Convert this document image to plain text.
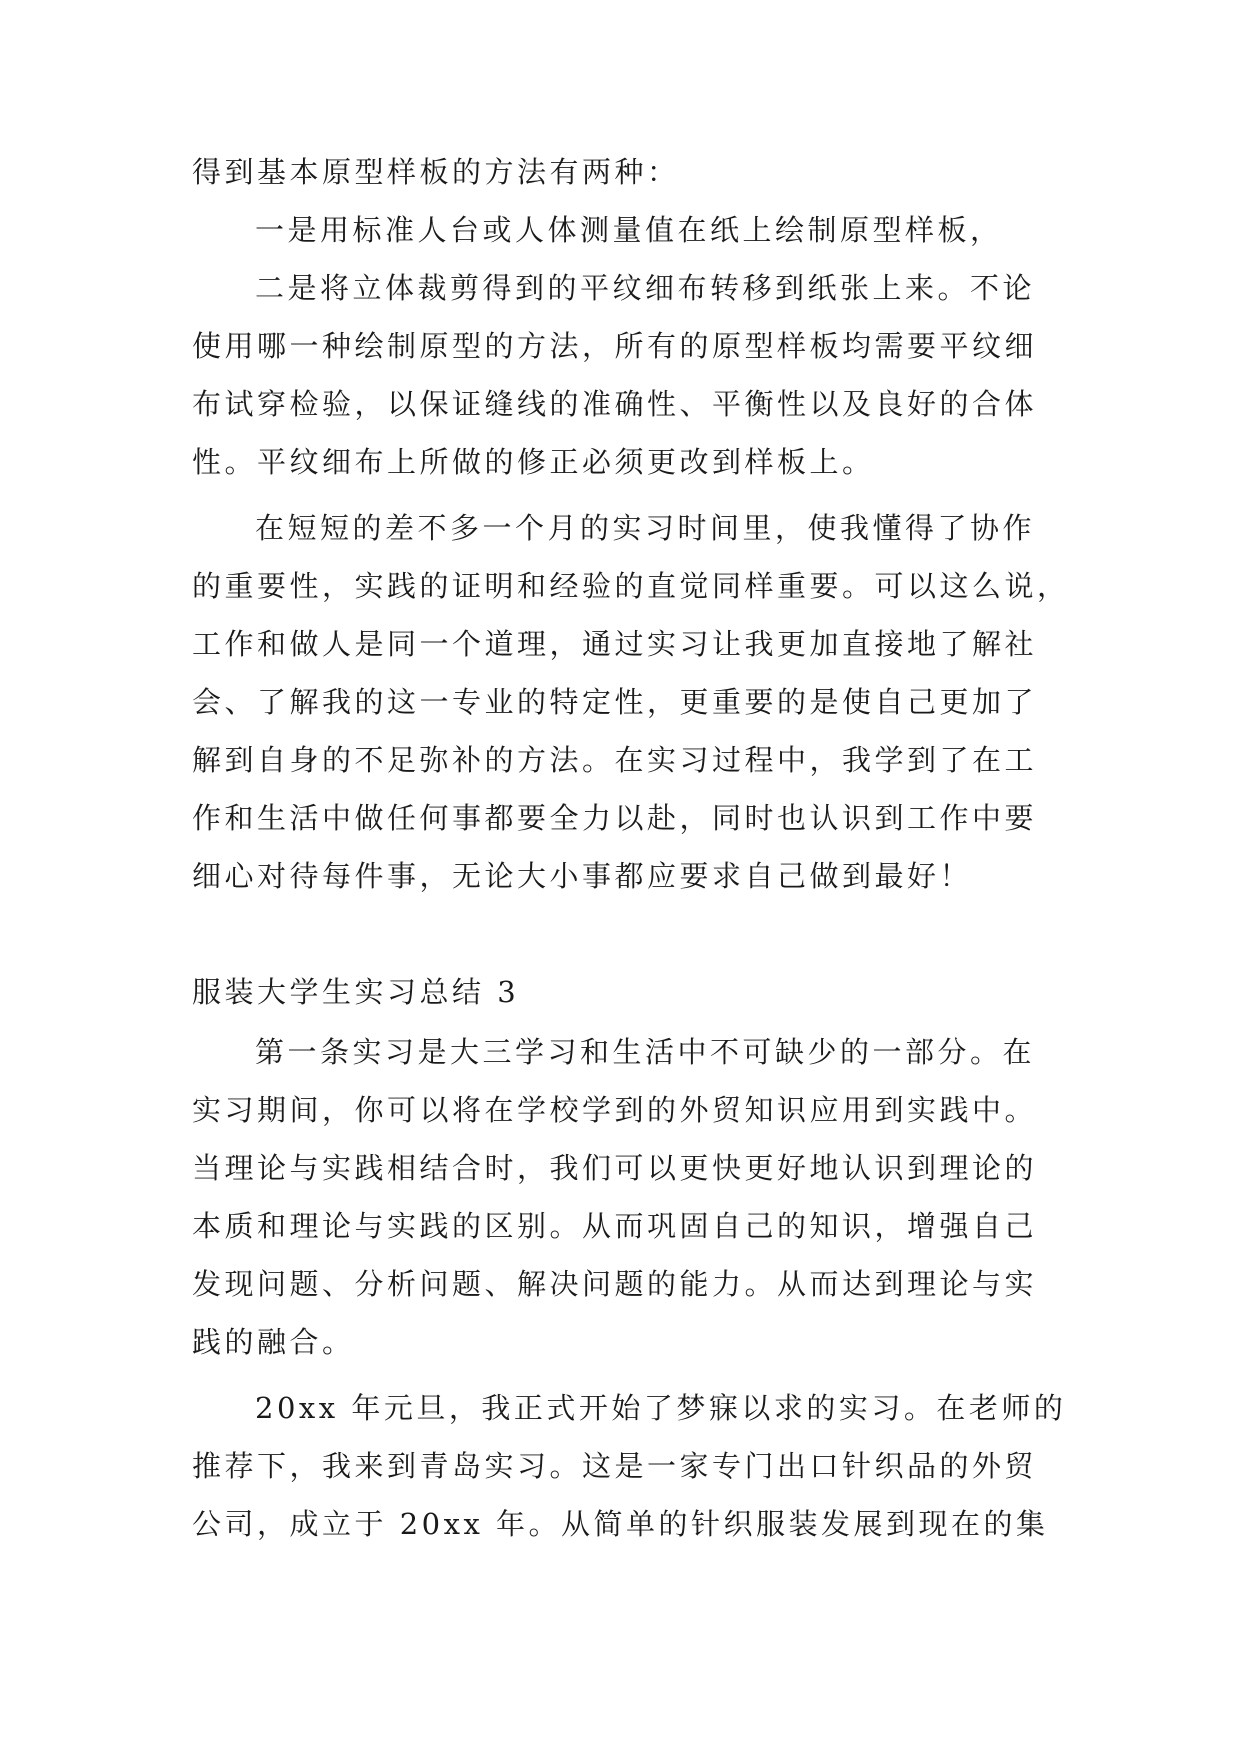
得到基本原型样板的方法有两种：
一是用标准人台或人体测量值在纸上绘制原型样板，
二是将立体裁剪得到的平纹细布转移到纸张上来。不论
使用哪一种绘制原型的方法，所有的原型样板均需要平纹细
布试穿检验，以保证缝线的准确性、平衡性以及良好的合体
性。平纹细布上所做的修正必须更改到样板上。
在短短的差不多一个月的实习时间里，使我懂得了协作
的重要性，实践的证明和经验的直觉同样重要。可以这么说，
工作和做人是同一个道理，通过实习让我更加直接地了解社
会、了解我的这一专业的特定性，更重要的是使自己更加了
解到自身的不足弥补的方法。在实习过程中，我学到了在工
作和生活中做任何事都要全力以赴，同时也认识到工作中要
细心对待每件事，无论大小事都应要求自己做到最好！
服装大学生实习总结 3
第一条实习是大三学习和生活中不可缺少的一部分。在
实习期间，你可以将在学校学到的外贸知识应用到实践中。
当理论与实践相结合时，我们可以更快更好地认识到理论的
本质和理论与实践的区别。从而巩固自己的知识，增强自己
发现问题、分析问题、解决问题的能力。从而达到理论与实
践的融合。
20xx 年元旦，我正式开始了梦寐以求的实习。在老师的
推荐下，我来到青岛实习。这是一家专门出口针织品的外贸
公司，成立于 20xx 年。从简单的针织服装发展到现在的集
